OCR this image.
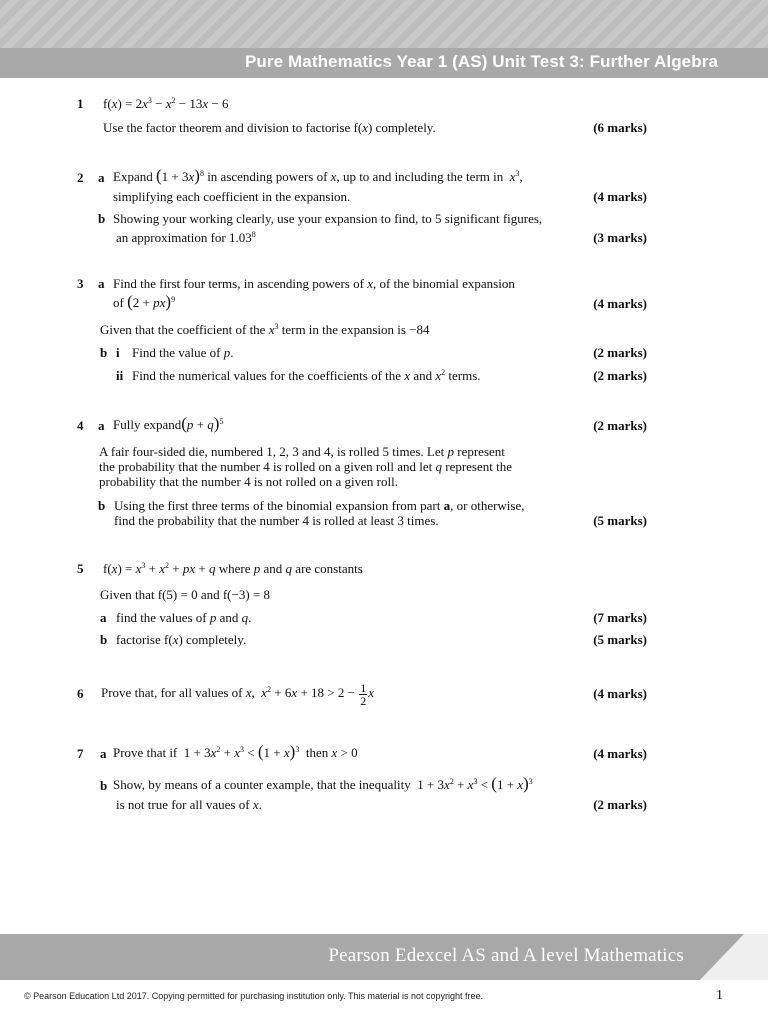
Pure Mathematics Year 1 (AS) Unit Test 3: Further Algebra
1 $f(x) = 2x^3 - x^2 - 13x - 6$
Use the factor theorem and division to factorise f(x) completely.	(6 marks)
2 a Expand $(1 + 3x)^8$ in ascending powers of x, up to and including the term in  $x^3$,
simplifying each coefficient in the expansion.	(4 marks)
b Showing your working clearly, use your expansion to find, to 5 significant figures,
an approximation for 1.03$^8$	(3 marks)
3 a Find the first four terms, in ascending powers of x, of the binomial expansion
of (2 + px)$^9$	(4 marks)
Given that the coefficient of the $x^3$ term in the expansion is −84
b i Find the value of p.	(2 marks)
ii Find the numerical values for the coefficients of the x and $x^2$ terms.	(2 marks)
4 a Fully expand(p + q)$^5$	(2 marks)
A fair four-sided die, numbered 1, 2, 3 and 4, is rolled 5 times. Let p represent
the probability that the number 4 is rolled on a given roll and let q represent the
probability that the number 4 is not rolled on a given roll.
b Using the first three terms of the binomial expansion from part a, or otherwise,
find the probability that the number 4 is rolled at least 3 times.	(5 marks)
5 $f(x) = x^3 + x^2$ + px + q where p and q are constants
Given that f(5) = 0 and f(−3) = 8
a find the values of p and q.	(7 marks)
b factorise f(x) completely.	(5 marks)
6 Prove that, for all values of x,  $x^2 + 6x + 18 > 2 - \frac{1}{2}$ x	(4 marks)
7 a Prove that if  $1 + 3x^2 + x^3 < (1 + x)^3$  then x > 0	(4 marks)
b Show, by means of a counter example, that the inequality  $1 + 3x^2 + x^3 < (1 + x)^3$
is not true for all vaues of x.	(2 marks)
Pearson Edexcel AS and A level Mathematics
© Pearson Education Ltd 2017. Copying permitted for purchasing institution only. This material is not copyright free.	1
